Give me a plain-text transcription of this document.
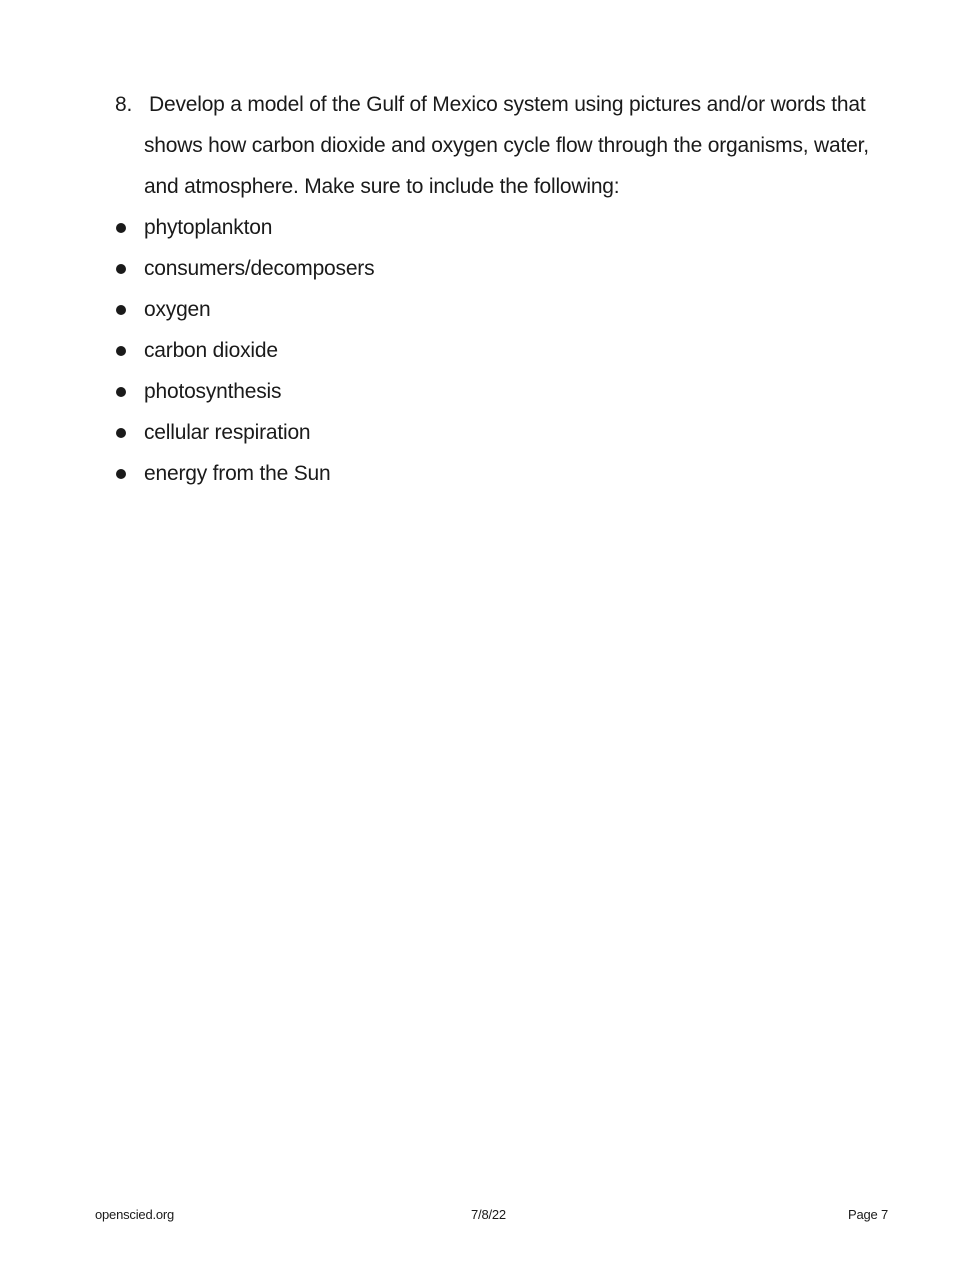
8. Develop a model of the Gulf of Mexico system using pictures and/or words that shows how carbon dioxide and oxygen cycle flow through the organisms, water, and atmosphere. Make sure to include the following:
phytoplankton
consumers/decomposers
oxygen
carbon dioxide
photosynthesis
cellular respiration
energy from the Sun
openscied.org	7/8/22	Page 7
